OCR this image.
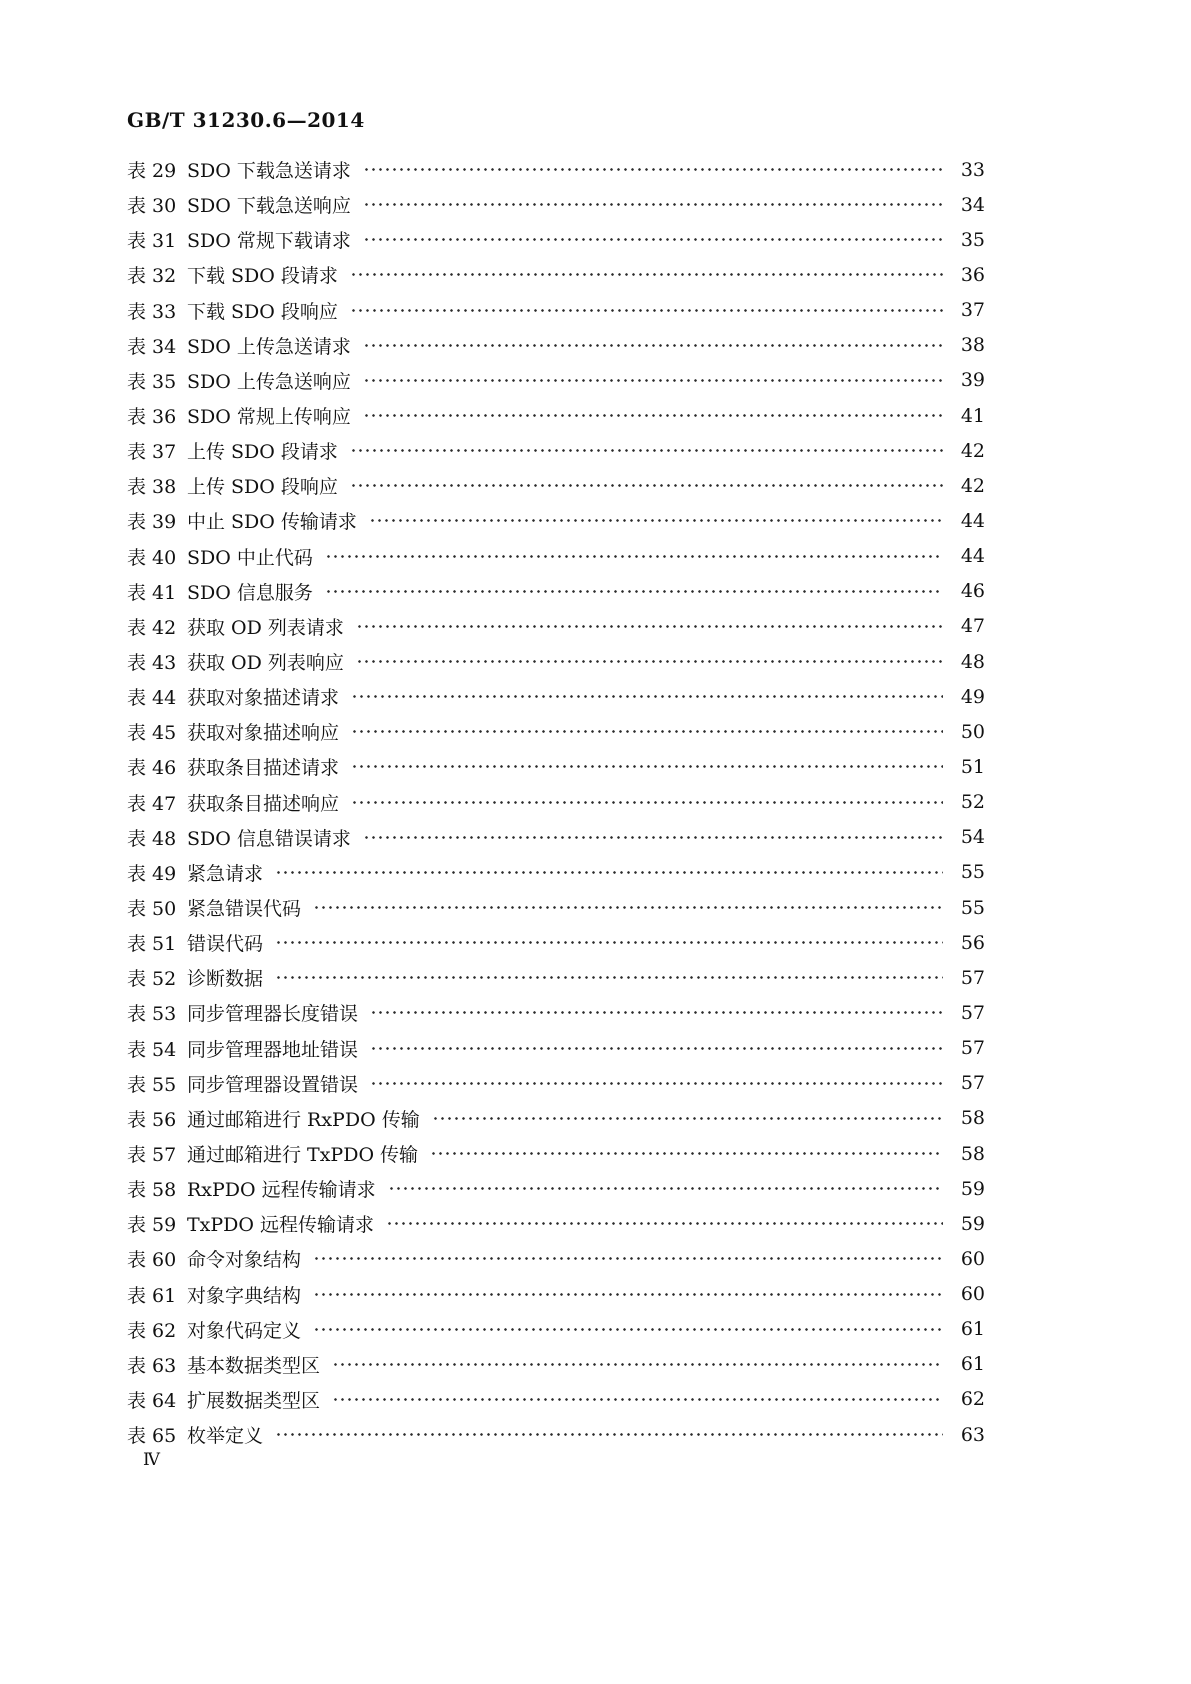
GB/T 31230.6—2014
表 29 SDO 下载急送请求	33
表 30 SDO 下载急送响应	34
表 31 SDO 常规下载请求	35
表 32 下载 SDO 段请求	36
表 33 下载 SDO 段响应	37
表 34 SDO 上传急送请求	38
表 35 SDO 上传急送响应	39
表 36 SDO 常规上传响应	41
表 37 上传 SDO 段请求	42
表 38 上传 SDO 段响应	42
表 39 中止 SDO 传输请求	44
表 40 SDO 中止代码	44
表 41 SDO 信息服务	46
表 42 获取 OD 列表请求	47
表 43 获取 OD 列表响应	48
表 44 获取对象描述请求	49
表 45 获取对象描述响应	50
表 46 获取条目描述请求	51
表 47 获取条目描述响应	52
表 48 SDO 信息错误请求	54
表 49 紧急请求	55
表 50 紧急错误代码	55
表 51 错误代码	56
表 52 诊断数据	57
表 53 同步管理器长度错误	57
表 54 同步管理器地址错误	57
表 55 同步管理器设置错误	57
表 56 通过邮箱进行 RxPDO 传输	58
表 57 通过邮箱进行 TxPDO 传输	58
表 58 RxPDO 远程传输请求	59
表 59 TxPDO 远程传输请求	59
表 60 命令对象结构	60
表 61 对象字典结构	60
表 62 对象代码定义	61
表 63 基本数据类型区	61
表 64 扩展数据类型区	62
表 65 枚举定义	63
Ⅳ
